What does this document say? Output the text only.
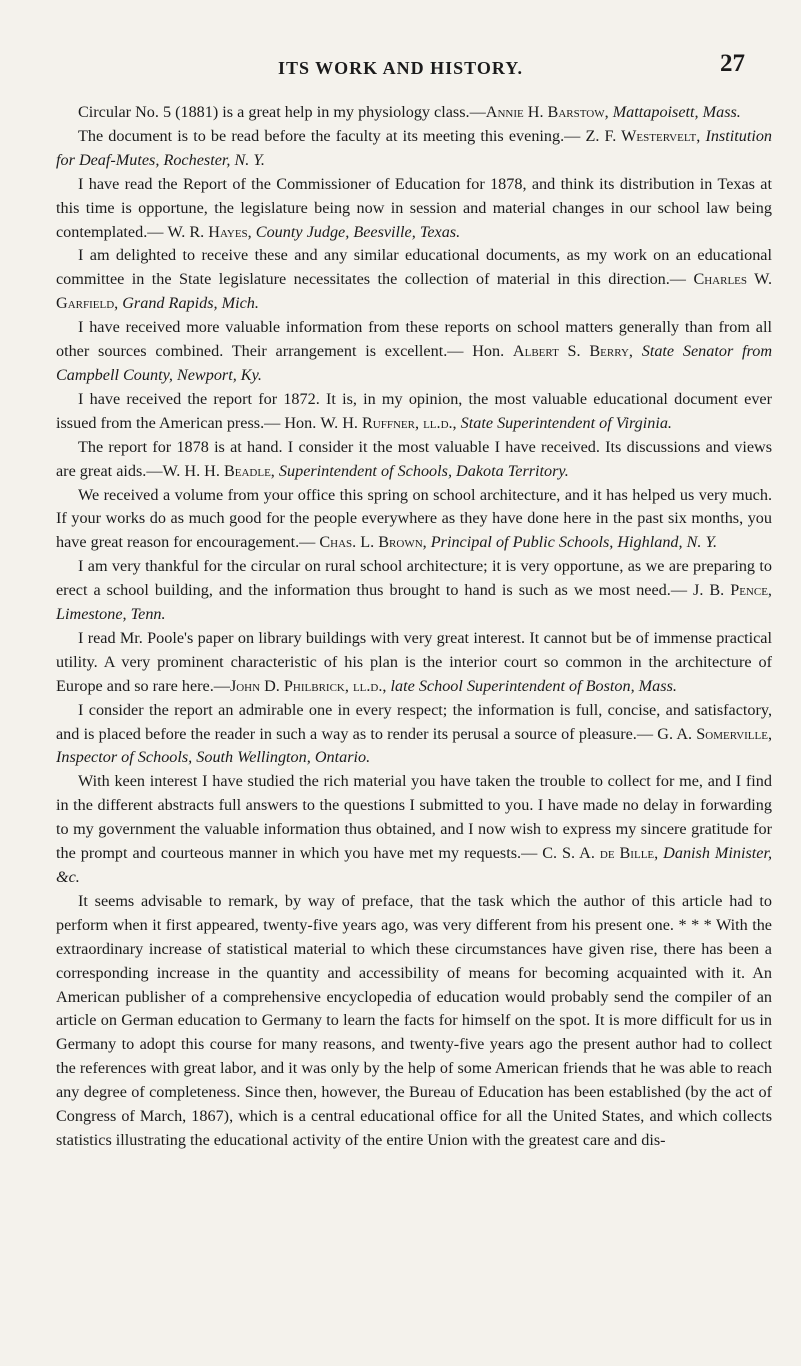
ITS WORK AND HISTORY.	27

Circular No. 5 (1881) is a great help in my physiology class.—Annie H. Barstow, Mattapoisett, Mass.

The document is to be read before the faculty at its meeting this evening.— Z. F. Westervelt, Institution for Deaf-Mutes, Rochester, N. Y.

I have read the Report of the Commissioner of Education for 1878, and think its distribution in Texas at this time is opportune, the legislature being now in session and material changes in our school law being contemplated.— W. R. Hayes, County Judge, Beesville, Texas.

I am delighted to receive these and any similar educational documents, as my work on an educational committee in the State legislature necessitates the collection of material in this direction.— Charles W. Garfield, Grand Rapids, Mich.

I have received more valuable information from these reports on school matters generally than from all other sources combined. Their arrangement is excellent.— Hon. Albert S. Berry, State Senator from Campbell County, Newport, Ky.

I have received the report for 1872. It is, in my opinion, the most valuable educational document ever issued from the American press.— Hon. W. H. Ruffner, ll.d., State Superintendent of Virginia.

The report for 1878 is at hand. I consider it the most valuable I have received. Its discussions and views are great aids.—W. H. H. Beadle, Superintendent of Schools, Dakota Territory.

We received a volume from your office this spring on school architecture, and it has helped us very much. If your works do as much good for the people everywhere as they have done here in the past six months, you have great reason for encouragement.— Chas. L. Brown, Principal of Public Schools, Highland, N. Y.

I am very thankful for the circular on rural school architecture; it is very opportune, as we are preparing to erect a school building, and the information thus brought to hand is such as we most need.— J. B. Pence, Limestone, Tenn.

I read Mr. Poole's paper on library buildings with very great interest. It cannot but be of immense practical utility. A very prominent characteristic of his plan is the interior court so common in the architecture of Europe and so rare here.—John D. Philbrick, ll.d., late School Superintendent of Boston, Mass.

I consider the report an admirable one in every respect; the information is full, concise, and satisfactory, and is placed before the reader in such a way as to render its perusal a source of pleasure.— G. A. Somerville, Inspector of Schools, South Wellington, Ontario.

With keen interest I have studied the rich material you have taken the trouble to collect for me, and I find in the different abstracts full answers to the questions I submitted to you. I have made no delay in forwarding to my government the valuable information thus obtained, and I now wish to express my sincere gratitude for the prompt and courteous manner in which you have met my requests.— C. S. A. de Bille, Danish Minister, &c.

It seems advisable to remark, by way of preface, that the task which the author of this article had to perform when it first appeared, twenty-five years ago, was very different from his present one. * * * With the extraordinary increase of statistical material to which these circumstances have given rise, there has been a corresponding increase in the quantity and accessibility of means for becoming acquainted with it. An American publisher of a comprehensive encyclopedia of education would probably send the compiler of an article on German education to Germany to learn the facts for himself on the spot. It is more difficult for us in Germany to adopt this course for many reasons, and twenty-five years ago the present author had to collect the references with great labor, and it was only by the help of some American friends that he was able to reach any degree of completeness. Since then, however, the Bureau of Education has been established (by the act of Congress of March, 1867), which is a central educational office for all the United States, and which collects statistics illustrating the educational activity of the entire Union with the greatest care and dis-
